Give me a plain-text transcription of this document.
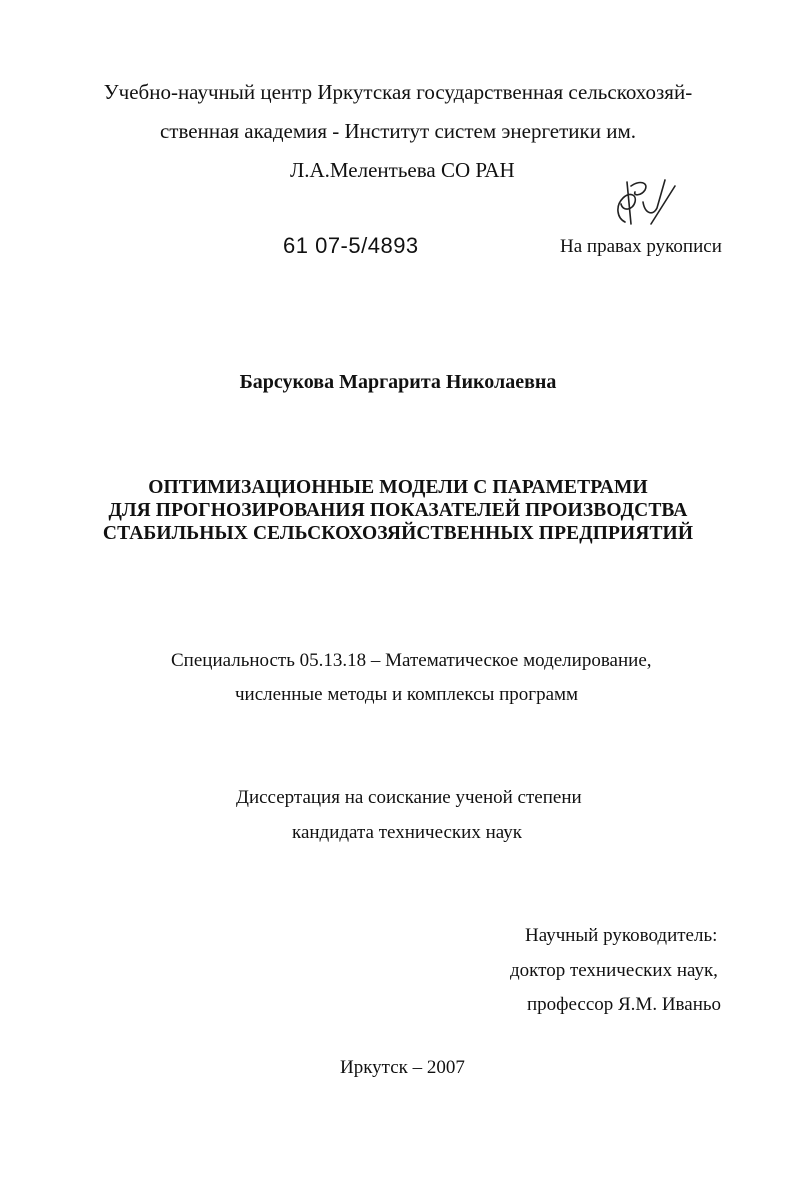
Учебно-научный центр Иркутская государственная сельскохозяй-
ственная академия - Институт систем энергетики им.
Л.А.Мелентьева СО РАН
61 07-5/4893	На правах рукописи
Барсукова Маргарита Николаевна
ОПТИМИЗАЦИОННЫЕ МОДЕЛИ С ПАРАМЕТРАМИ
ДЛЯ ПРОГНОЗИРОВАНИЯ ПОКАЗАТЕЛЕЙ ПРОИЗВОДСТВА
СТАБИЛЬНЫХ СЕЛЬСКОХОЗЯЙСТВЕННЫХ ПРЕДПРИЯТИЙ
Специальность 05.13.18 – Математическое моделирование,
численные методы и комплексы программ
Диссертация на соискание ученой степени
кандидата технических наук
Научный руководитель:
доктор технических наук,
профессор Я.М. Иваньо
Иркутск – 2007
